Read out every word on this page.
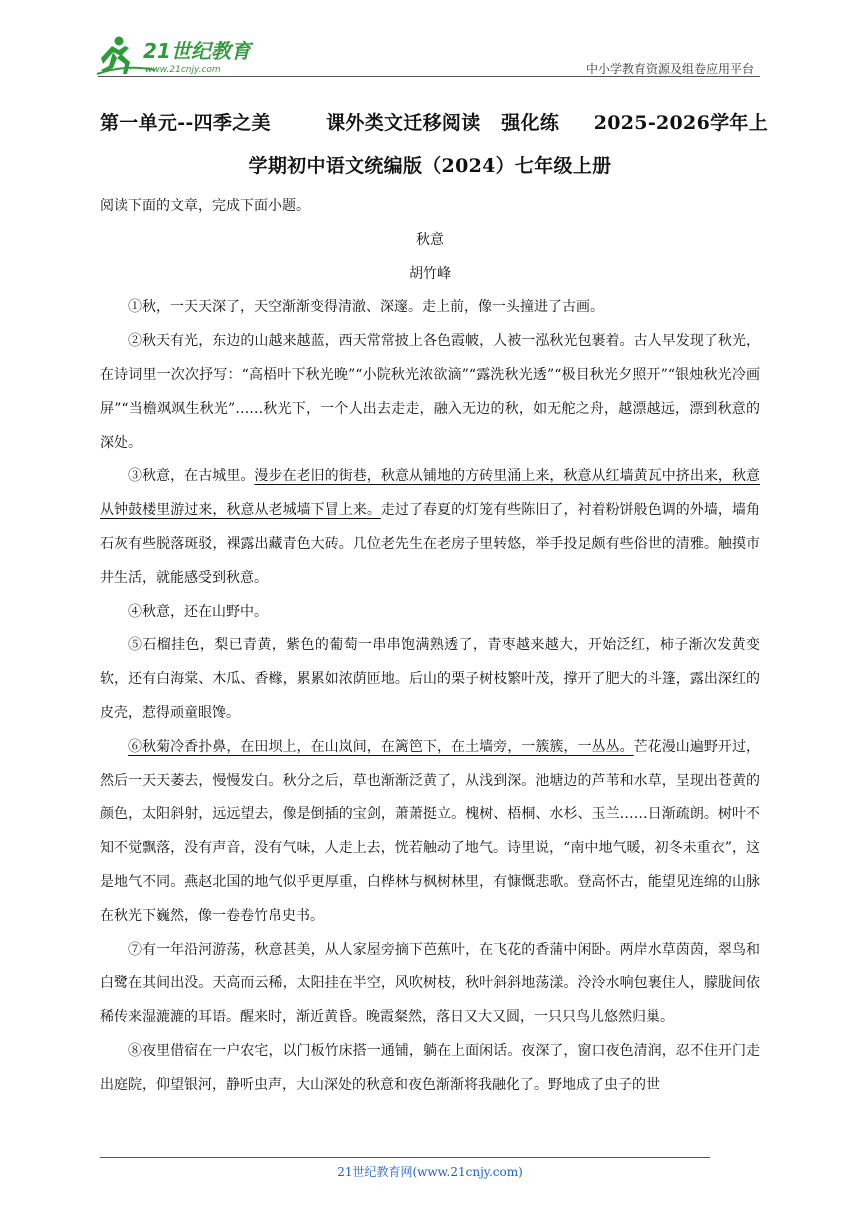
21世纪教育
www.21cnjy.com	中小学教育资源及组卷应用平台
第一单元--四季之美	课外类文迁移阅读 强化练 2025-2026学年上
学期初中语文统编版（2024）七年级上册

阅读下面的文章，完成下面小题。

秋意

胡竹峰

①秋，一天天深了，天空渐渐变得清澈、深邃。走上前，像一头撞进了古画。

②秋天有光，东边的山越来越蓝，西天常常披上各色霞帔，人被一泓秋光包裹着。古人早发现了秋光，在诗词里一次次抒写：“高梧叶下秋光晚”“小院秋光浓欲滴”“露洗秋光透”“极目秋光夕照开”“银烛秋光冷画屏”“当檐飒飒生秋光”……秋光下，一个人出去走走，融入无边的秋，如无舵之舟，越漂越远，漂到秋意的深处。

③秋意，在古城里。漫步在老旧的街巷，秋意从铺地的方砖里涌上来，秋意从红墙黄瓦中挤出来，秋意从钟鼓楼里游过来，秋意从老城墙下冒上来。走过了春夏的灯笼有些陈旧了，衬着粉饼般色调的外墙，墙角石灰有些脱落斑驳，裸露出藏青色大砖。几位老先生在老房子里转悠，举手投足颇有些俗世的清雅。触摸市井生活，就能感受到秋意。

④秋意，还在山野中。

⑤石榴挂色，梨已青黄，紫色的葡萄一串串饱满熟透了，青枣越来越大，开始泛红，柿子渐次发黄变软，还有白海棠、木瓜、香橼，累累如浓荫匝地。后山的栗子树枝繁叶茂，撑开了肥大的斗篷，露出深红的皮壳，惹得顽童眼馋。

⑥秋菊冷香扑鼻，在田坝上，在山岚间，在篱笆下，在土墙旁，一簇簇，一丛丛。芒花漫山遍野开过，然后一天天萎去，慢慢发白。秋分之后，草也渐渐泛黄了，从浅到深。池塘边的芦苇和水草，呈现出苍黄的颜色，太阳斜射，远远望去，像是倒插的宝剑，萧萧挺立。槐树、梧桐、水杉、玉兰……日渐疏朗。树叶不知不觉飘落，没有声音，没有气味，人走上去，恍若触动了地气。诗里说，“南中地气暖，初冬未重衣”，这是地气不同。燕赵北国的地气似乎更厚重，白桦林与枫树林里，有慷慨悲歌。登高怀古，能望见连绵的山脉在秋光下巍然，像一卷卷竹帛史书。

⑦有一年沿河游荡，秋意甚美，从人家屋旁摘下芭蕉叶，在飞花的香蒲中闲卧。两岸水草茵茵，翠鸟和白鹭在其间出没。天高而云稀，太阳挂在半空，风吹树枝，秋叶斜斜地荡漾。泠泠水响包裹住人，朦胧间依稀传来湿漉漉的耳语。醒来时，渐近黄昏。晚霞粲然，落日又大又圆，一只只鸟儿悠然归巢。

⑧夜里借宿在一户农宅，以门板竹床搭一通铺，躺在上面闲话。夜深了，窗口夜色清润，忍不住开门走出庭院，仰望银河，静听虫声，大山深处的秋意和夜色渐渐将我融化了。野地成了虫子的世

21世纪教育网(www.21cnjy.com)
